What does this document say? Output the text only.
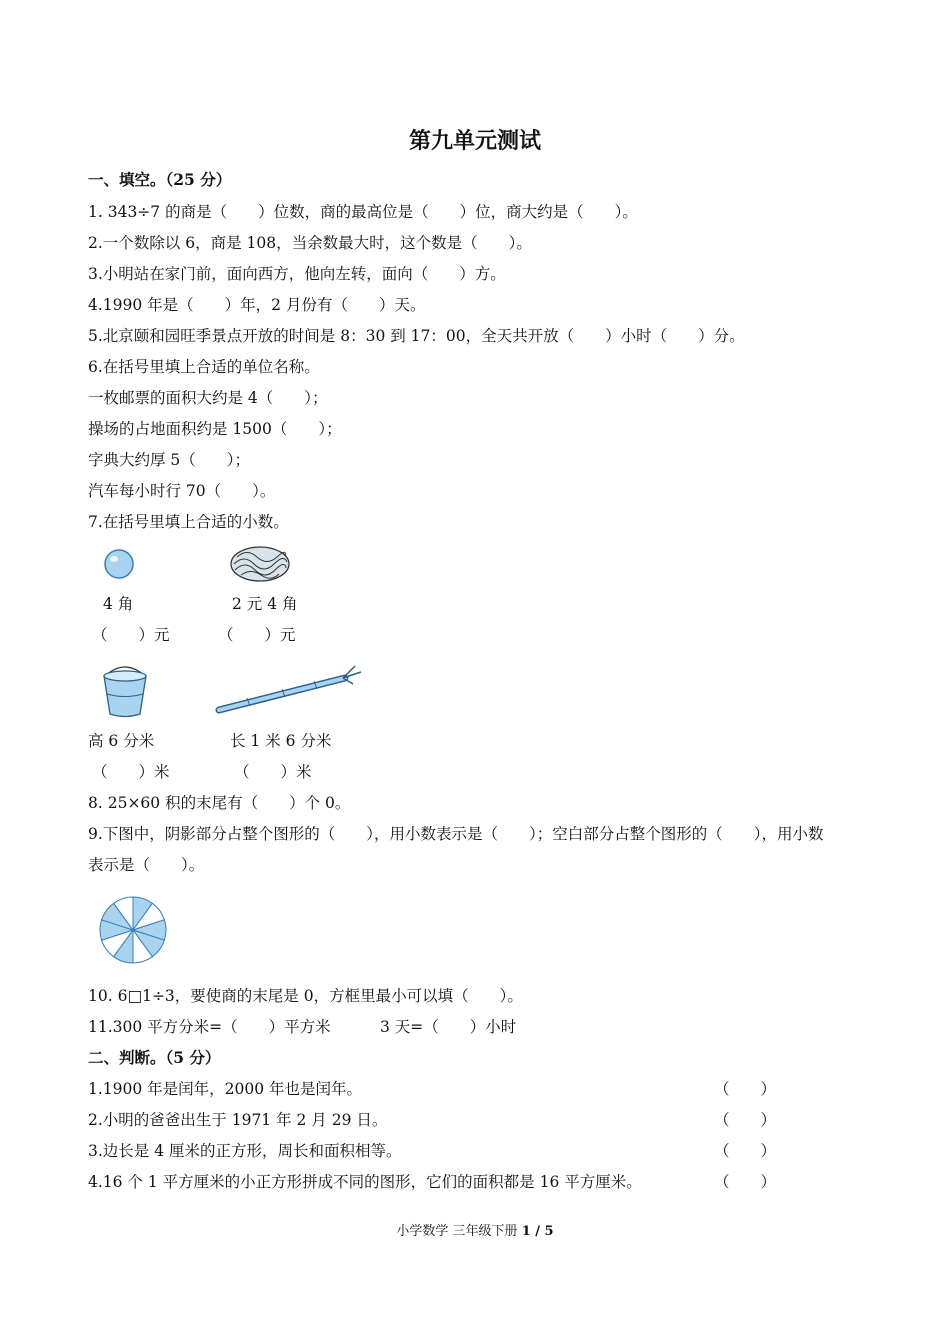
第九单元测试
一、填空。（25 分）
1. 343÷7 的商是（　　）位数，商的最高位是（　　）位，商大约是（　　）。
2.一个数除以 6，商是 108，当余数最大时，这个数是（　　）。
3.小明站在家门前，面向西方，他向左转，面向（　　）方。
4.1990 年是（　　）年，2 月份有（　　）天。
5.北京颐和园旺季景点开放的时间是 8：30 到 17：00，全天共开放（　　）小时（　　）分。
6.在括号里填上合适的单位名称。
一枚邮票的面积大约是 4（　　）；
操场的占地面积约是 1500（　　）；
字典大约厚 5（　　）；
汽车每小时行 70（　　）。
7.在括号里填上合适的小数。
4 角
（　　）元
2 元 4 角
（　　）元
高 6 分米
（　　）米
长 1 米 6 分米
（　　）米
8. 25×60 积的末尾有（　　）个 0。
9.下图中，阴影部分占整个图形的（　　），用小数表示是（　　）；空白部分占整个图形的（　　），用小数
表示是（　　）。
10. 6□1÷3，要使商的末尾是 0，方框里最小可以填（　　）。
11.300 平方分米=（　　）平方米	3 天=（　　）小时
二、判断。（5 分）
1.1900 年是闰年，2000 年也是闰年。	（　　）
2.小明的爸爸出生于 1971 年 2 月 29 日。	（　　）
3.边长是 4 厘米的正方形，周长和面积相等。	（　　）
4.16 个 1 平方厘米的小正方形拼成不同的图形，它们的面积都是 16 平方厘米。	（　　）
小学数学 三年级下册 1 / 5
